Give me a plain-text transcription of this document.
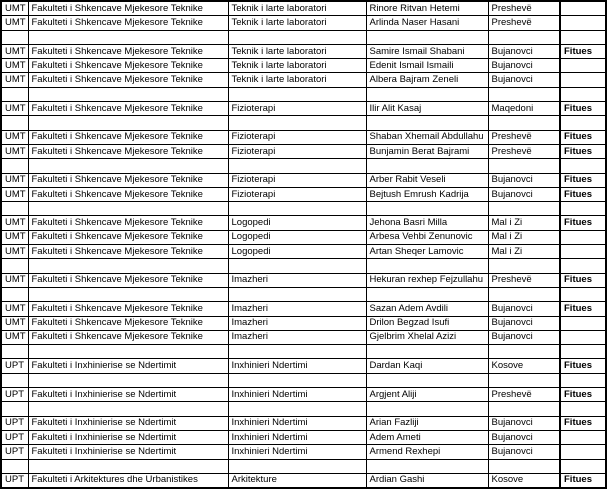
UMT	Fakulteti i Shkencave Mjekesore Teknike	Teknik i larte laboratori	Rinore Ritvan Hetemi	Preshevë	
UMT	Fakulteti i Shkencave Mjekesore Teknike	Teknik i larte laboratori	Arlinda Naser Hasani	Preshevë	

UMT	Fakulteti i Shkencave Mjekesore Teknike	Teknik i larte laboratori	Samire Ismail Shabani	Bujanovci	Fitues
UMT	Fakulteti i Shkencave Mjekesore Teknike	Teknik i larte laboratori	Edenit Ismail Ismaili	Bujanovci	
UMT	Fakulteti i Shkencave Mjekesore Teknike	Teknik i larte laboratori	Albera Bajram Zeneli	Bujanovci	

UMT	Fakulteti i Shkencave Mjekesore Teknike	Fizioterapi	Ilir Alit Kasaj	Maqedoni	Fitues

UMT	Fakulteti i Shkencave Mjekesore Teknike	Fizioterapi	Shaban Xhemail Abdullahu	Preshevë	Fitues
UMT	Fakulteti i Shkencave Mjekesore Teknike	Fizioterapi	Bunjamin Berat Bajrami	Preshevë	Fitues

UMT	Fakulteti i Shkencave Mjekesore Teknike	Fizioterapi	Arber Rabit Veseli	Bujanovci	Fitues
UMT	Fakulteti i Shkencave Mjekesore Teknike	Fizioterapi	Bejtush Emrush Kadrija	Bujanovci	Fitues

UMT	Fakulteti i Shkencave Mjekesore Teknike	Logopedi	Jehona Basri Milla	Mal i Zi	Fitues
UMT	Fakulteti i Shkencave Mjekesore Teknike	Logopedi	Arbesa Vehbi Zenunovic	Mal i Zi	
UMT	Fakulteti i Shkencave Mjekesore Teknike	Logopedi	Artan Sheqer Lamovic	Mal i Zi	

UMT	Fakulteti i Shkencave Mjekesore Teknike	Imazheri	Hekuran rexhep Fejzullahu	Preshevë	Fitues

UMT	Fakulteti i Shkencave Mjekesore Teknike	Imazheri	Sazan Adem Avdili	Bujanovci	Fitues
UMT	Fakulteti i Shkencave Mjekesore Teknike	Imazheri	Drilon Begzad Isufi	Bujanovci	
UMT	Fakulteti i Shkencave Mjekesore Teknike	Imazheri	Gjelbrim Xhelal Azizi	Bujanovci	

UPT	Fakulteti i Inxhinierise se Ndertimit	Inxhinieri Ndertimi	Dardan Kaqi	Kosove	Fitues

UPT	Fakulteti i Inxhinierise se Ndertimit	Inxhinieri Ndertimi	Argjent Aliji	Preshevë	Fitues

UPT	Fakulteti i Inxhinierise se Ndertimit	Inxhinieri Ndertimi	Arian Fazliji	Bujanovci	Fitues
UPT	Fakulteti i Inxhinierise se Ndertimit	Inxhinieri Ndertimi	Adem Ameti	Bujanovci	
UPT	Fakulteti i Inxhinierise se Ndertimit	Inxhinieri Ndertimi	Armend Rexhepi	Bujanovci	

UPT	Fakulteti i Arkitektures dhe Urbanistikes	Arkitekture	Ardian Gashi	Kosove	Fitues
